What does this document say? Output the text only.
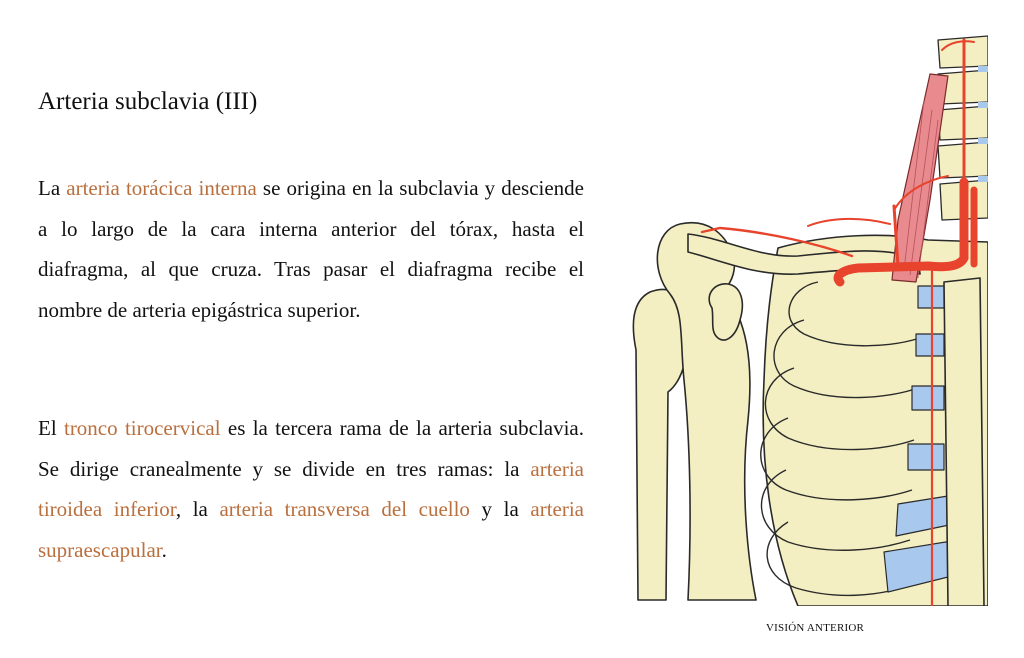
Arteria subclavia (III)

La arteria torácica interna se origina en la subclavia y desciende a lo largo de la cara interna anterior del tórax, hasta el diafragma, al que cruza. Tras pasar el diafragma recibe el nombre de arteria epigástrica superior.

El tronco tirocervical es la tercera rama de la arteria subclavia. Se dirige cranealmente y se divide en tres ramas: la arteria tiroidea inferior, la arteria transversa del cuello y la arteria supraescapular.

VISIÓN ANTERIOR
